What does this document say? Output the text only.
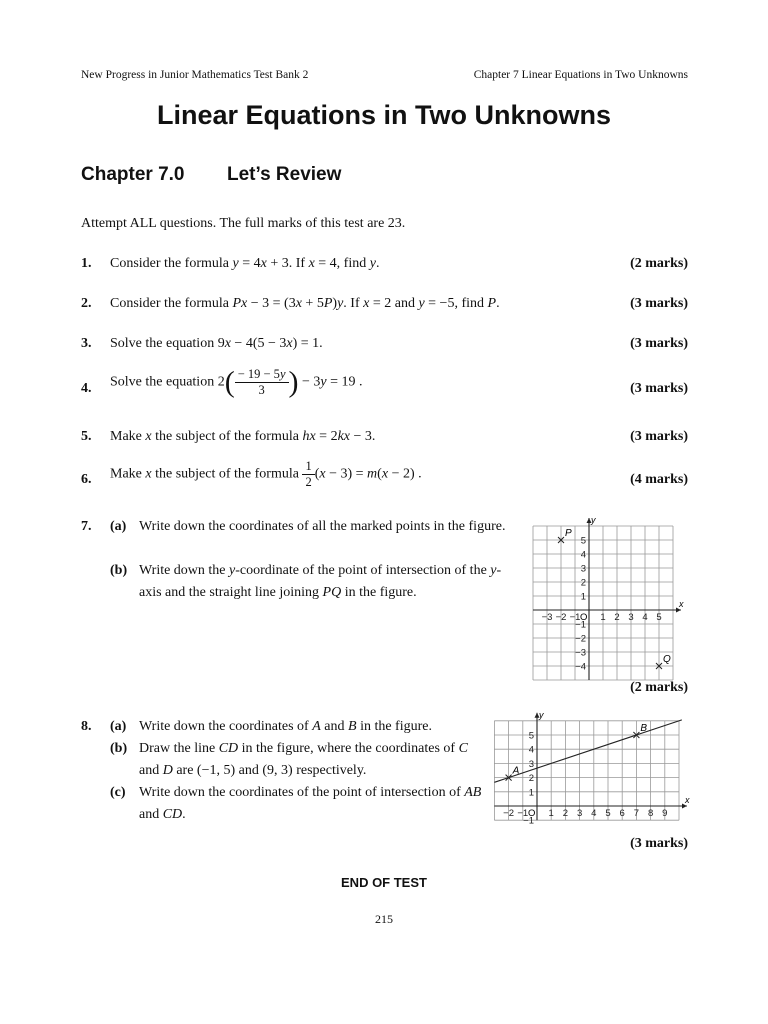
New Progress in Junior Mathematics Test Bank 2	Chapter 7 Linear Equations in Two Unknowns
Linear Equations in Two Unknowns
Chapter 7.0 Let’s Review
Attempt ALL questions. The full marks of this test are 23.
1. Consider the formula y = 4x + 3. If x = 4, find y.	(2 marks)
2. Consider the formula Px − 3 = (3x + 5P)y. If x = 2 and y = −5, find P.	(3 marks)
3. Solve the equation 9x − 4(5 − 3x) = 1.	(3 marks)
4. Solve the equation $2( \frac{- 19 - 5y}{3}$ ) − 3y = 19 .	(3 marks)
5. Make x the subject of the formula hx = 2kx − 3.	(3 marks)
6. Make x the subject of the formula $\frac{1}{2} (x - 3) = m(x - 2)$ .	(4 marks)
7. (a) Write down the coordinates of all the marked points in the figure.
(b) Write down the y-coordinate of the point of intersection of the y-axis and the straight line joining PQ in the figure.
(2 marks)
x
y
O
−3 −2 −1 1 2 3 4 5
5
4
3
2
1
−1
−2
−3
−4
P
Q
8. (a) Write down the coordinates of A and B in the figure.
(b) Draw the line CD in the figure, where the coordinates of C and D are (−1, 5) and (9, 3) respectively.
(c) Write down the coordinates of the point of intersection of AB and CD.
(3 marks)
x
y
O
−2 −1 1 2 3 4 5 6 7 8 9
5
4
3
2
1
−1
A
B
END OF TEST
215
